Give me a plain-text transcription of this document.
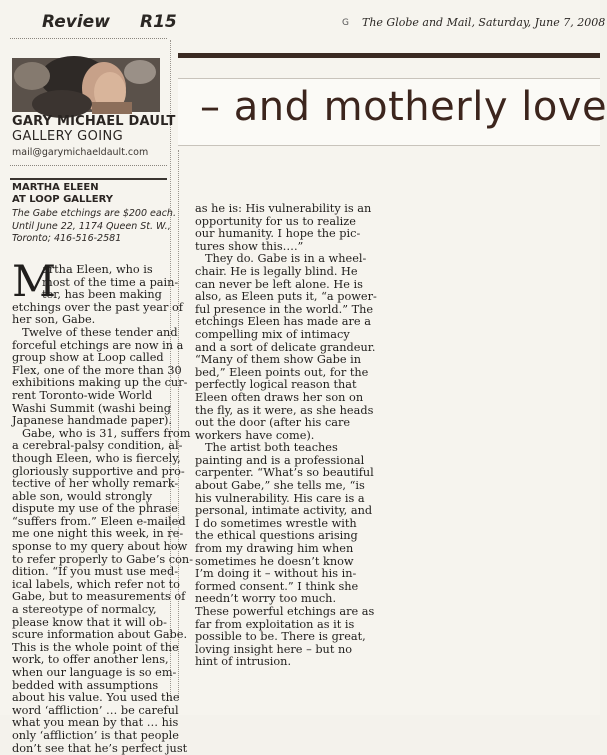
Review R15	G The Globe and Mail, Saturday, June 7, 2008
– and motherly love
GARY MICHAEL DAULT
GALLERY GOING
mail@garymichaeldault.com
MARTHA ELEEN
AT LOOP GALLERY
The Gabe etchings are $200 each.
Until June 22, 1174 Queen St. W.,
Toronto; 416-516-2581
M
artha Eleen, who is
most of the time a pain-
ter, has been making
etchings over the past year of
her son, Gabe.
Twelve of these tender and
forceful etchings are now in a
group show at Loop called
Flex, one of the more than 30
exhibitions making up the cur-
rent Toronto-wide World
Washi Summit (washi being
Japanese handmade paper).
Gabe, who is 31, suffers from
a cerebral-palsy condition, al-
though Eleen, who is fiercely,
gloriously supportive and pro-
tective of her wholly remark-
able son, would strongly
dispute my use of the phrase
“suffers from.” Eleen e-mailed
me one night this week, in re-
sponse to my query about how
to refer properly to Gabe’s con-
dition. “If you must use med-
ical labels, which refer not to
Gabe, but to measurements of
a stereotype of normalcy,
please know that it will ob-
scure information about Gabe.
This is the whole point of the
work, to offer another lens,
when our language is so em-
bedded with assumptions
about his value. You used the
word ‘affliction’ … be careful
what you mean by that … his
only ‘affliction’ is that people
don’t see that he’s perfect just
as he is: His vulnerability is an
opportunity for us to realize
our humanity. I hope the pic-
tures show this….”
They do. Gabe is in a wheel-
chair. He is legally blind. He
can never be left alone. He is
also, as Eleen puts it, “a power-
ful presence in the world.” The
etchings Eleen has made are a
compelling mix of intimacy
and a sort of delicate grandeur.
“Many of them show Gabe in
bed,” Eleen points out, for the
perfectly logical reason that
Eleen often draws her son on
the fly, as it were, as she heads
out the door (after his care
workers have come).
The artist both teaches
painting and is a professional
carpenter. “What’s so beautiful
about Gabe,” she tells me, “is
his vulnerability. His care is a
personal, intimate activity, and
I do sometimes wrestle with
the ethical questions arising
from my drawing him when
sometimes he doesn’t know
I’m doing it – without his in-
formed consent.” I think she
needn’t worry too much.
These powerful etchings are as
far from exploitation as it is
possible to be. There is great,
loving insight here – but no
hint of intrusion.
